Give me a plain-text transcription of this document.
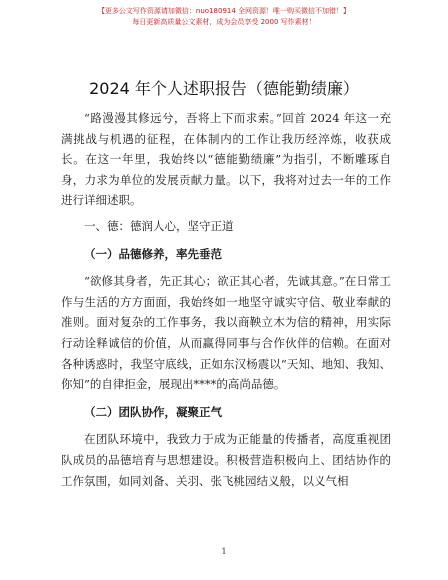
【更多公文写作资源请加微信：nuo180914 全网资源！唯一购买微信不加错！】
每日更新高质量公文素材，成为会员享受 2000 写作素材！
2024 年个人述职报告（德能勤绩廉）

“路漫漫其修远兮，吾将上下而求索。”回首 2024 年这一充满挑战与机遇的征程，在体制内的工作让我历经淬炼，收获成长。在这一年里，我始终以“德能勤绩廉”为指引，不断雕琢自身，力求为单位的发展贡献力量。以下，我将对过去一年的工作进行详细述职。

一、德：德润人心，坚守正道

（一）品德修养，率先垂范

“欲修其身者，先正其心；欲正其心者，先诚其意。”在日常工作与生活的方方面面，我始终如一地坚守诚实守信、敬业奉献的准则。面对复杂的工作事务，我以商鞅立木为信的精神，用实际行动诠释诚信的价值，从而赢得同事与合作伙伴的信赖。在面对各种诱惑时，我坚守底线，正如东汉杨震以“天知、地知、我知、你知”的自律拒金，展现出****的高尚品德。

（二）团队协作，凝聚正气

在团队环境中，我致力于成为正能量的传播者，高度重视团队成员的品德培育与思想建设。积极营造积极向上、团结协作的工作氛围，如同刘备、关羽、张飞桃园结义般，以义气相

1
